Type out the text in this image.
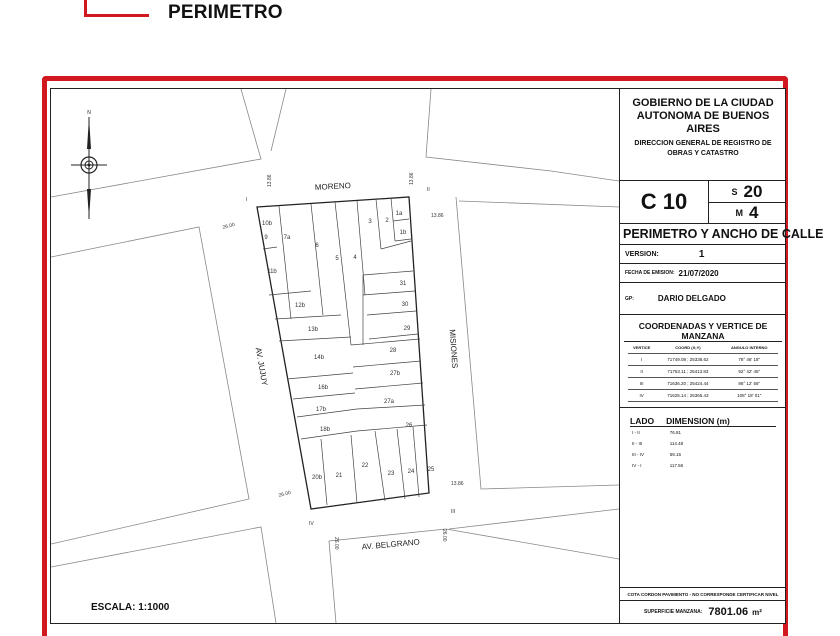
PERIMETRO
1a
1b
2
3
4
5
6
7a
9
10b
11b
12b
13b
14b
16b
17b
18b
20b 21
22
23 24 25
26
27a
27b
28
29
30
31
MORENO
MISIONES
AV. BELGRANO
AV. JUJUY
13.86	13.86
26.00
13.86
26.00
13.86
26.00
26.00
I
II
III
IV
N
ESCALA: 1:1000
GOBIERNO DE LA CIUDAD
AUTONOMA DE BUENOS AIRES
DIRECCION GENERAL DE REGISTRO DE
OBRAS Y CATASTRO
C 10	S 20
M 4
PERIMETRO Y ANCHO DE CALLE
VERSION:	1
FECHA DE EMISION: 21/07/2020
GP:	DARIO DELGADO
COORDENADAS Y VERTICE DE MANZANA
VERTICE	COORD (X;Y)	ANGULO INTERNO
I	71749.08 ; 25338.62	78° 46' 18"
II	71753.11 ; 25413.83	92° 42' 45"
III	71636.20 ; 25424.44	86° 12' 56"
IV	71625.14 ; 25365.43	108° 18' 01"
LADO DIMENSION (m)
I - II	76.81
II - III	114.48
III - IV	59.15
IV - I	117.56
COTA CORDON PAVIMENTO - NO CORRESPONDE CERTIFICAR NIVEL
SUPERFICIE MANZANA: 7801.06 m²
